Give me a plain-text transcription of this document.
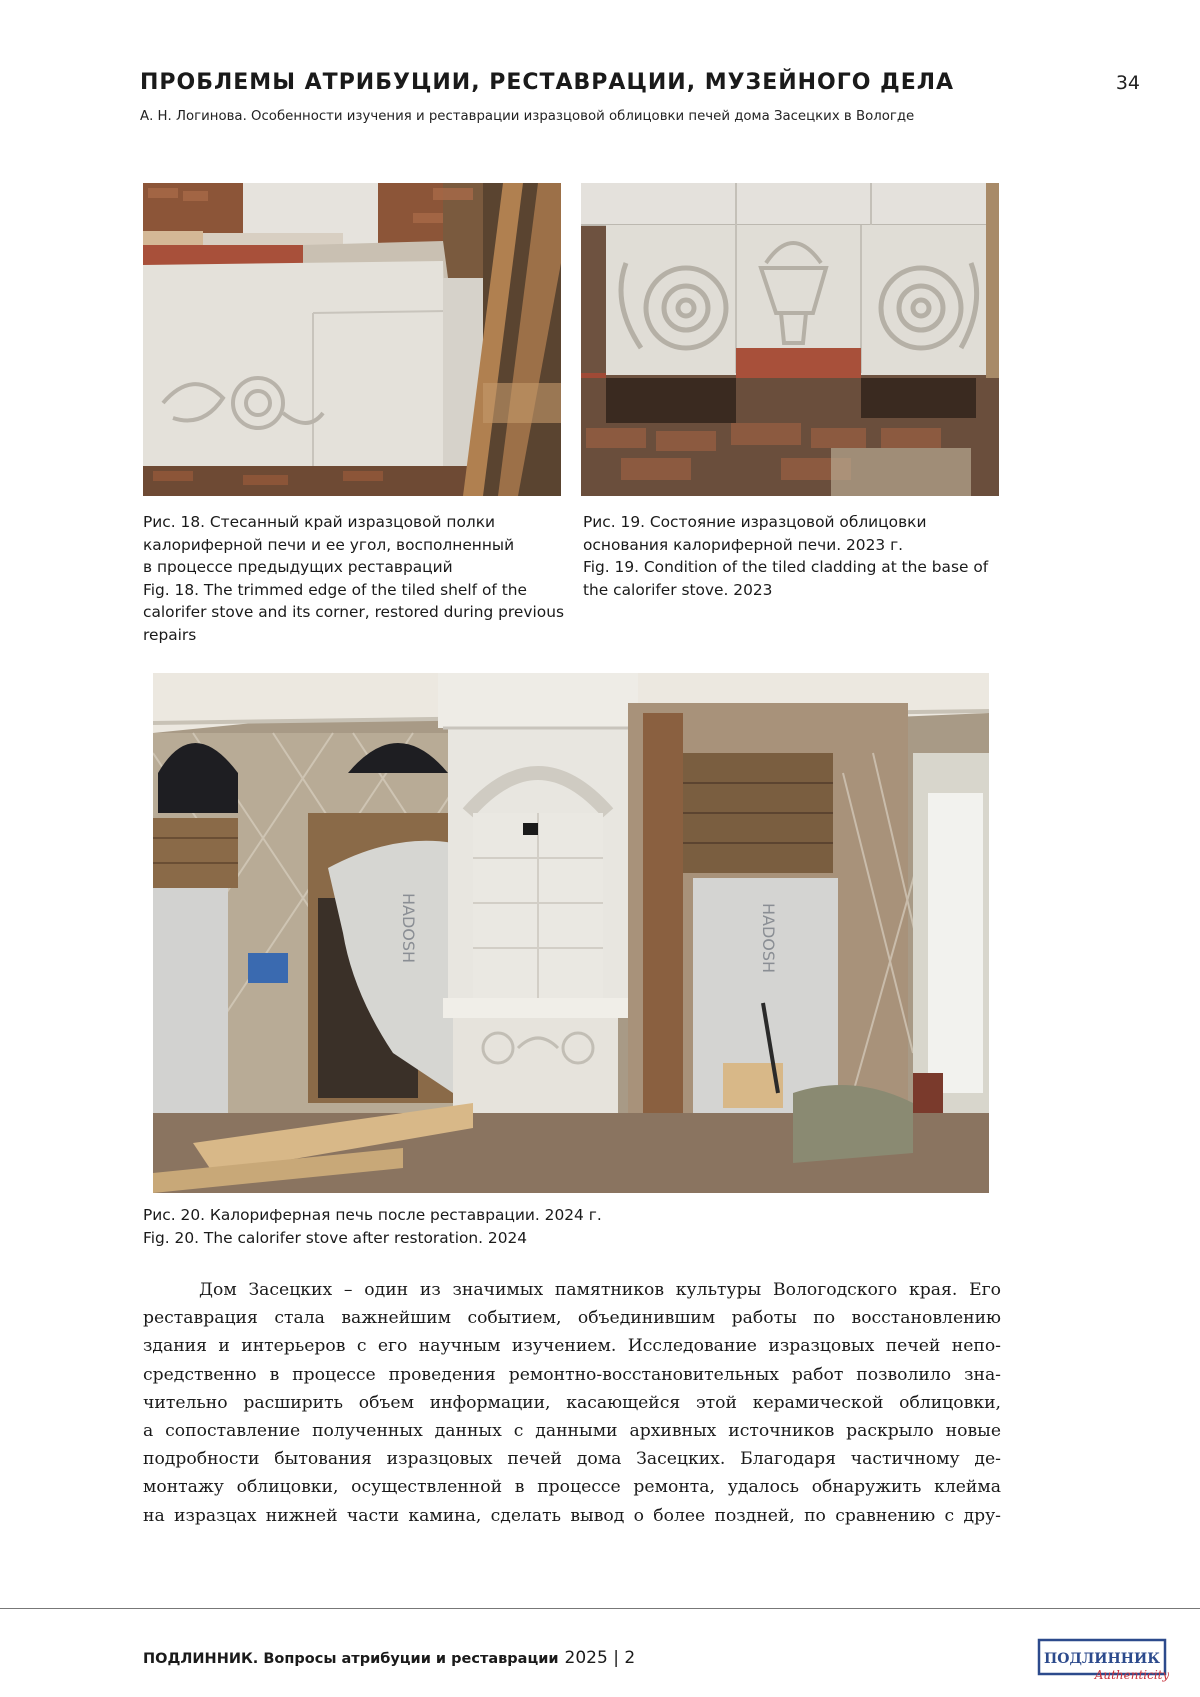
ПРОБЛЕМЫ АТРИБУЦИИ, РЕСТАВРАЦИИ, МУЗЕЙНОГО ДЕЛА	34
А. Н. Логинова. Особенности изучения и реставрации изразцовой облицовки печей дома Засецких в Вологде
Рис. 18. Стесанный край изразцовой полки
калориферной печи и ее угол, восполненный
в процессе предыдущих реставраций
Fig. 18. The trimmed edge of the tiled shelf of the
calorifer stove and its corner, restored during previous
repairs
Рис. 19. Состояние изразцовой облицовки
основания калориферной печи. 2023 г.
Fig. 19. Condition of the tiled cladding at the base of
the calorifer stove. 2023
HADOSH	HADOSH
Рис. 20. Калориферная печь после реставрации. 2024 г.
Fig. 20. The calorifer stove after restoration. 2024
Дом Засецких – один из значимых памятников культуры Вологодского края. Его
реставрация стала важнейшим событием, объединившим работы по восстановлению
здания и интерьеров с его научным изучением. Исследование изразцовых печей непо-
средственно в процессе проведения ремонтно-восстановительных работ позволило зна-
чительно расширить объем информации, касающейся этой керамической облицовки,
а сопоставление полученных данных с данными архивных источников раскрыло новые
подробности бытования изразцовых печей дома Засецких. Благодаря частичному де-
монтажу облицовки, осуществленной в процессе ремонта, удалось обнаружить клейма
на изразцах нижней части камина, сделать вывод о более поздней, по сравнению с дру-
ПОДЛИННИК. Вопросы атрибуции и реставрации 2025 | 2	ПОДЛИННИК
Authenticity
